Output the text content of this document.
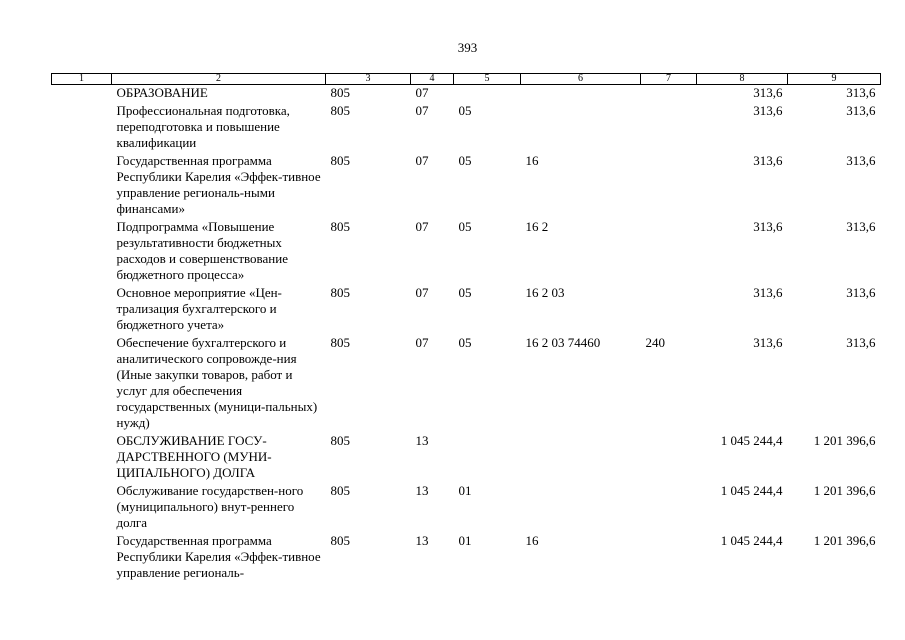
393
1	2	3	4	5	6	7	8	9
	ОБРАЗОВАНИЕ	805	07				313,6	313,6
	Профессиональная подготовка, переподготовка и повышение квалификации	805	07	05			313,6	313,6
	Государственная программа Республики Карелия «Эффек-тивное управление региональ-ными финансами»	805	07	05	16		313,6	313,6
	Подпрограмма «Повышение результативности бюджетных расходов и совершенствование бюджетного процесса»	805	07	05	16 2		313,6	313,6
	Основное мероприятие «Цен-трализация бухгалтерского и бюджетного учета»	805	07	05	16 2 03		313,6	313,6
	Обеспечение бухгалтерского и аналитического сопровожде-ния (Иные закупки товаров, работ и услуг для обеспечения государственных (муници-пальных) нужд)	805	07	05	16 2 03 74460	240	313,6	313,6
	ОБСЛУЖИВАНИЕ ГОСУ-ДАРСТВЕННОГО (МУНИ-ЦИПАЛЬНОГО) ДОЛГА	805	13				1 045 244,4	1 201 396,6
	Обслуживание государствен-ного (муниципального) внут-реннего долга	805	13	01			1 045 244,4	1 201 396,6
	Государственная программа Республики Карелия «Эффек-тивное управление региональ-	805	13	01	16		1 045 244,4	1 201 396,6
